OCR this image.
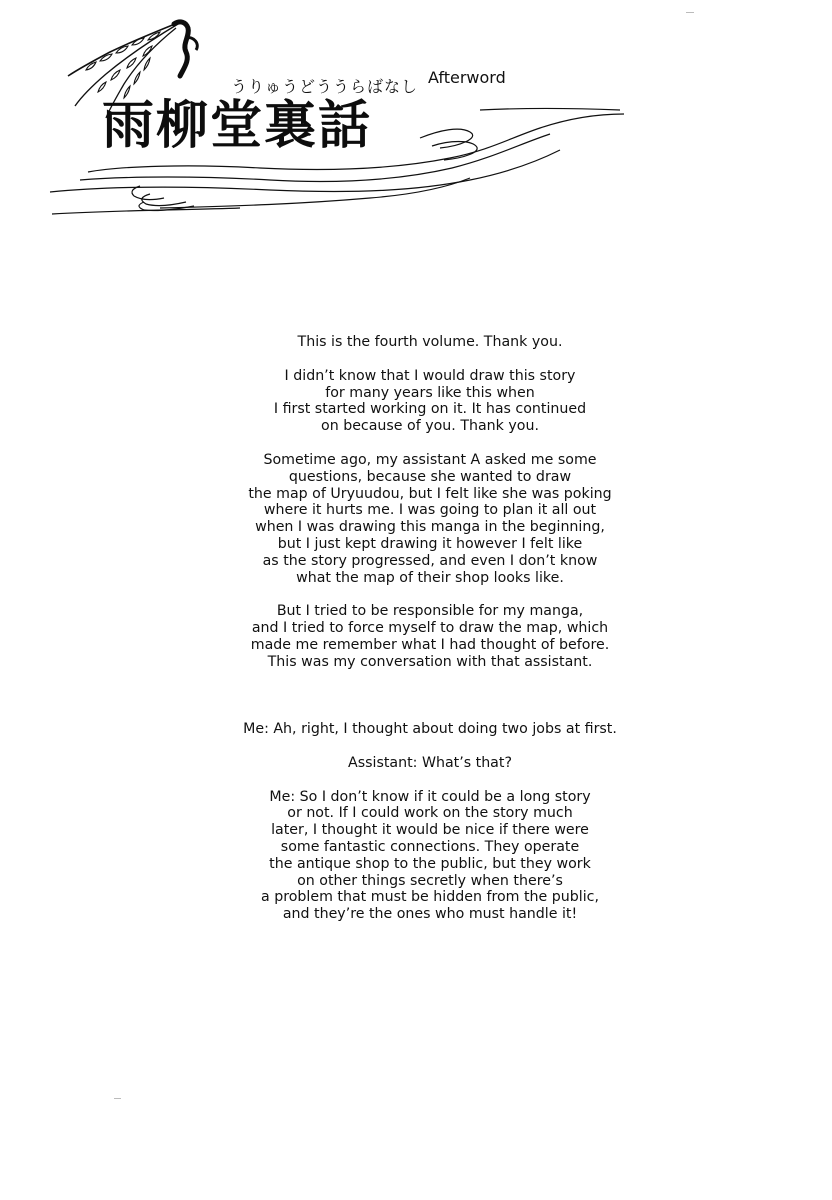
うりゅうどううらばなし Afterword
雨柳堂裏話

This is the fourth volume. Thank you.

I didn’t know that I would draw this story
for many years like this when
I first started working on it. It has continued
on because of you. Thank you.

Sometime ago, my assistant A asked me some
questions, because she wanted to draw
the map of Uryuudou, but I felt like she was poking
where it hurts me. I was going to plan it all out
when I was drawing this manga in the beginning,
but I just kept drawing it however I felt like
as the story progressed, and even I don’t know
what the map of their shop looks like.

But I tried to be responsible for my manga,
and I tried to force myself to draw the map, which
made me remember what I had thought of before.
This was my conversation with that assistant.

Me: Ah, right, I thought about doing two jobs at first.

Assistant: What’s that?

Me: So I don’t know if it could be a long story
or not. If I could work on the story much
later, I thought it would be nice if there were
some fantastic connections. They operate
the antique shop to the public, but they work
on other things secretly when there’s
a problem that must be hidden from the public,
and they’re the ones who must handle it!
